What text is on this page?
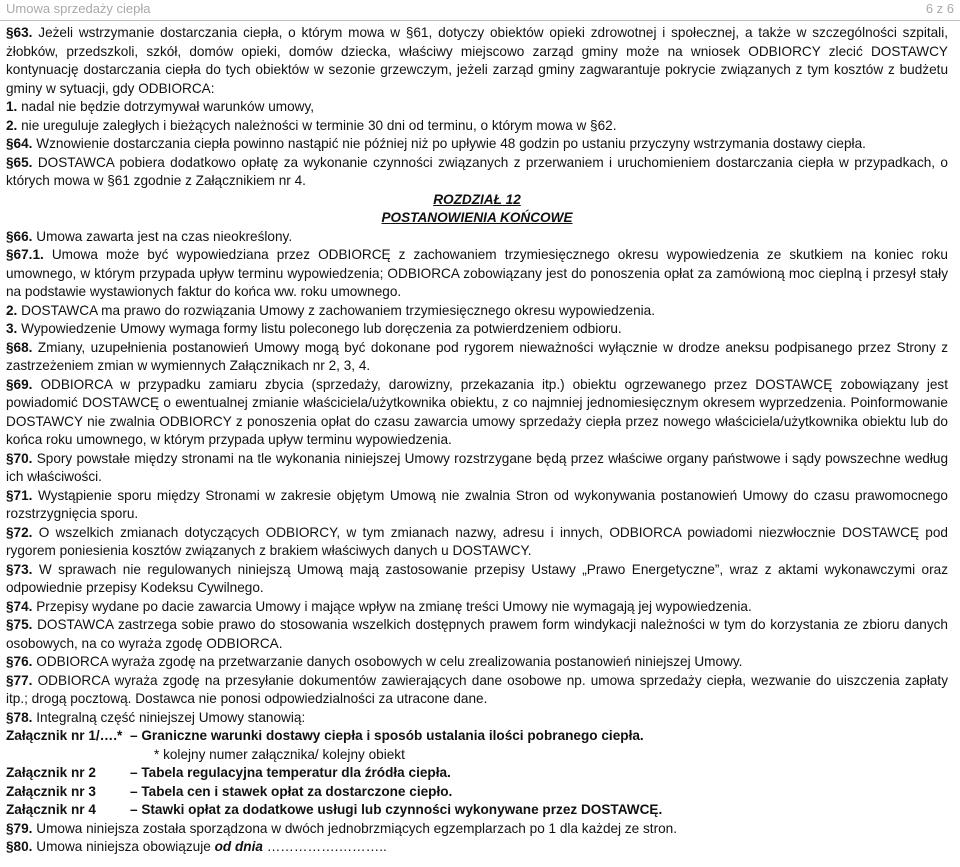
Umowa sprzedaży ciepła	6 z 6

§63. Jeżeli wstrzymanie dostarczania ciepła, o którym mowa w §61, dotyczy obiektów opieki zdrowotnej i społecznej, a także w szczególności szpitali, żłobków, przedszkoli, szkół, domów opieki, domów dziecka, właściwy miejscowo zarząd gminy może na wniosek ODBIORCY zlecić DOSTAWCY kontynuację dostarczania ciepła do tych obiektów w sezonie grzewczym, jeżeli zarząd gminy zagwarantuje pokrycie związanych z tym kosztów z budżetu gminy w sytuacji, gdy ODBIORCA:

1. nadal nie będzie dotrzymywał warunków umowy,

2. nie ureguluje zaległych i bieżących należności w terminie 30 dni od terminu, o którym mowa w §62.

§64. Wznowienie dostarczania ciepła powinno nastąpić nie później niż po upływie 48 godzin po ustaniu przyczyny wstrzymania dostawy ciepła.

§65. DOSTAWCA pobiera dodatkowo opłatę za wykonanie czynności związanych z przerwaniem i uruchomieniem dostarczania ciepła w przypadkach, o których mowa w §61 zgodnie z Załącznikiem nr 4.

ROZDZIAŁ 12

POSTANOWIENIA KOŃCOWE

§66. Umowa zawarta jest na czas nieokreślony.

§67.1. Umowa może być wypowiedziana przez ODBIORCĘ z zachowaniem trzymiesięcznego okresu wypowiedzenia ze skutkiem na koniec roku umownego, w którym przypada upływ terminu wypowiedzenia; ODBIORCA zobowiązany jest do ponoszenia opłat za zamówioną moc cieplną i przesył stały na podstawie wystawionych faktur do końca ww. roku umownego.

2. DOSTAWCA ma prawo do rozwiązania Umowy z zachowaniem trzymiesięcznego okresu wypowiedzenia.

3. Wypowiedzenie Umowy wymaga formy listu poleconego lub doręczenia za potwierdzeniem odbioru.

§68. Zmiany, uzupełnienia postanowień Umowy mogą być dokonane pod rygorem nieważności wyłącznie w drodze aneksu podpisanego przez Strony z zastrzeżeniem zmian w wymiennych Załącznikach nr 2, 3, 4.

§69. ODBIORCA w przypadku zamiaru zbycia (sprzedaży, darowizny, przekazania itp.) obiektu ogrzewanego przez DOSTAWCĘ zobowiązany jest powiadomić DOSTAWCĘ o ewentualnej zmianie właściciela/użytkownika obiektu, z co najmniej jednomiesięcznym okresem wyprzedzenia. Poinformowanie DOSTAWCY nie zwalnia ODBIORCY z ponoszenia opłat do czasu zawarcia umowy sprzedaży ciepła przez nowego właściciela/użytkownika obiektu lub do końca roku umownego, w którym przypada upływ terminu wypowiedzenia.

§70. Spory powstałe między stronami na tle wykonania niniejszej Umowy rozstrzygane będą przez właściwe organy państwowe i sądy powszechne według ich właściwości.

§71. Wystąpienie sporu między Stronami w zakresie objętym Umową nie zwalnia Stron od wykonywania postanowień Umowy do czasu prawomocnego rozstrzygnięcia sporu.

§72. O wszelkich zmianach dotyczących ODBIORCY, w tym zmianach nazwy, adresu i innych, ODBIORCA powiadomi niezwłocznie DOSTAWCĘ pod rygorem poniesienia kosztów związanych z brakiem właściwych danych u DOSTAWCY.

§73. W sprawach nie regulowanych niniejszą Umową mają zastosowanie przepisy Ustawy „Prawo Energetyczne”, wraz z aktami wykonawczymi oraz odpowiednie przepisy Kodeksu Cywilnego.

§74. Przepisy wydane po dacie zawarcia Umowy i mające wpływ na zmianę treści Umowy nie wymagają jej wypowiedzenia.

§75. DOSTAWCA zastrzega sobie prawo do stosowania wszelkich dostępnych prawem form windykacji należności w tym do korzystania ze zbioru danych osobowych, na co wyraża zgodę ODBIORCA.

§76. ODBIORCA wyraża zgodę na przetwarzanie danych osobowych w celu zrealizowania postanowień niniejszej Umowy.

§77. ODBIORCA wyraża zgodę na przesyłanie dokumentów zawierających dane osobowe np. umowa sprzedaży ciepła, wezwanie do uiszczenia zapłaty itp.; drogą pocztową. Dostawca nie ponosi odpowiedzialności za utracone dane.

§78. Integralną część niniejszej Umowy stanowią:

Załącznik nr 1/….* – Graniczne warunki dostawy ciepła i sposób ustalania ilości pobranego ciepła.

* kolejny numer załącznika/ kolejny obiekt

Załącznik nr 2	– Tabela regulacyjna temperatur dla źródła ciepła.
Załącznik nr 3	– Tabela cen i stawek opłat za dostarczone ciepło.
Załącznik nr 4	– Stawki opłat za dodatkowe usługi lub czynności wykonywane przez DOSTAWCĘ.

§79. Umowa niniejsza została sporządzona w dwóch jednobrzmiących egzemplarzach po 1 dla każdej ze stron.

§80. Umowa niniejsza obowiązuje od dnia …………….………..
